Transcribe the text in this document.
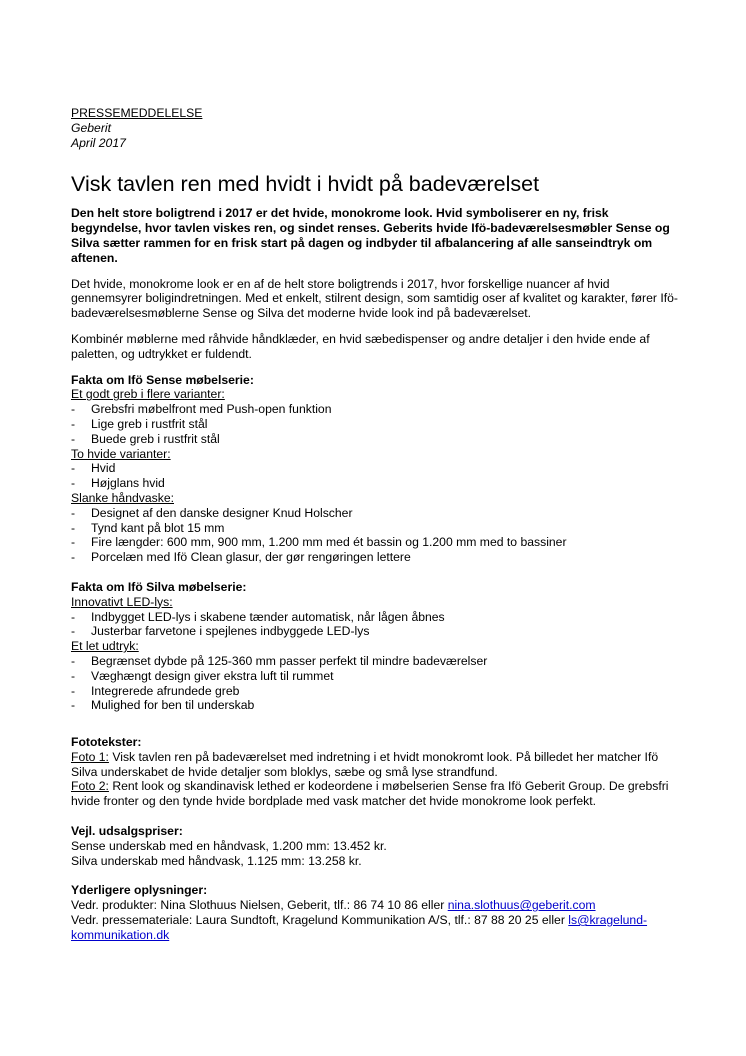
PRESSEMEDDELELSE

Geberit

April 2017

Visk tavlen ren med hvidt i hvidt på badeværelset

Den helt store boligtrend i 2017 er det hvide, monokrome look. Hvid symboliserer en ny, frisk begyndelse, hvor tavlen viskes ren, og sindet renses. Geberits hvide Ifö-badeværelsesmøbler Sense og Silva sætter rammen for en frisk start på dagen og indbyder til afbalancering af alle sanseindtryk om aftenen.

Det hvide, monokrome look er en af de helt store boligtrends i 2017, hvor forskellige nuancer af hvid gennemsyrer boligindretningen. Med et enkelt, stilrent design, som samtidig oser af kvalitet og karakter, fører Ifö-badeværelsesmøblerne Sense og Silva det moderne hvide look ind på badeværelset.

Kombinér møblerne med råhvide håndklæder, en hvid sæbedispenser og andre detaljer i den hvide ende af paletten, og udtrykket er fuldendt.

Fakta om Ifö Sense møbelserie:

Et godt greb i flere varianter:

- Grebsfri møbelfront med Push-open funktion
- Lige greb i rustfrit stål
- Buede greb i rustfrit stål

To hvide varianter:

- Hvid
- Højglans hvid

Slanke håndvaske:

- Designet af den danske designer Knud Holscher
- Tynd kant på blot 15 mm
- Fire længder: 600 mm, 900 mm, 1.200 mm med ét bassin og 1.200 mm med to bassiner
- Porcelæn med Ifö Clean glasur, der gør rengøringen lettere

Fakta om Ifö Silva møbelserie:

Innovativt LED-lys:

- Indbygget LED-lys i skabene tænder automatisk, når lågen åbnes
- Justerbar farvetone i spejlenes indbyggede LED-lys

Et let udtryk:

- Begrænset dybde på 125-360 mm passer perfekt til mindre badeværelser
- Væghængt design giver ekstra luft til rummet
- Integrerede afrundede greb
- Mulighed for ben til underskab

Fototekster:

Foto 1: Visk tavlen ren på badeværelset med indretning i et hvidt monokromt look. På billedet her matcher Ifö Silva underskabet de hvide detaljer som bloklys, sæbe og små lyse strandfund.

Foto 2: Rent look og skandinavisk lethed er kodeordene i møbelserien Sense fra Ifö Geberit Group. De grebsfri hvide fronter og den tynde hvide bordplade med vask matcher det hvide monokrome look perfekt.

Vejl. udsalgspriser:

Sense underskab med en håndvask, 1.200 mm: 13.452 kr.

Silva underskab med håndvask, 1.125 mm: 13.258 kr.

Yderligere oplysninger:

Vedr. produkter: Nina Slothuus Nielsen, Geberit, tlf.: 86 74 10 86 eller nina.slothuus@geberit.com

Vedr. pressemateriale: Laura Sundtoft, Kragelund Kommunikation A/S, tlf.: 87 88 20 25 eller ls@kragelund-kommunikation.dk
